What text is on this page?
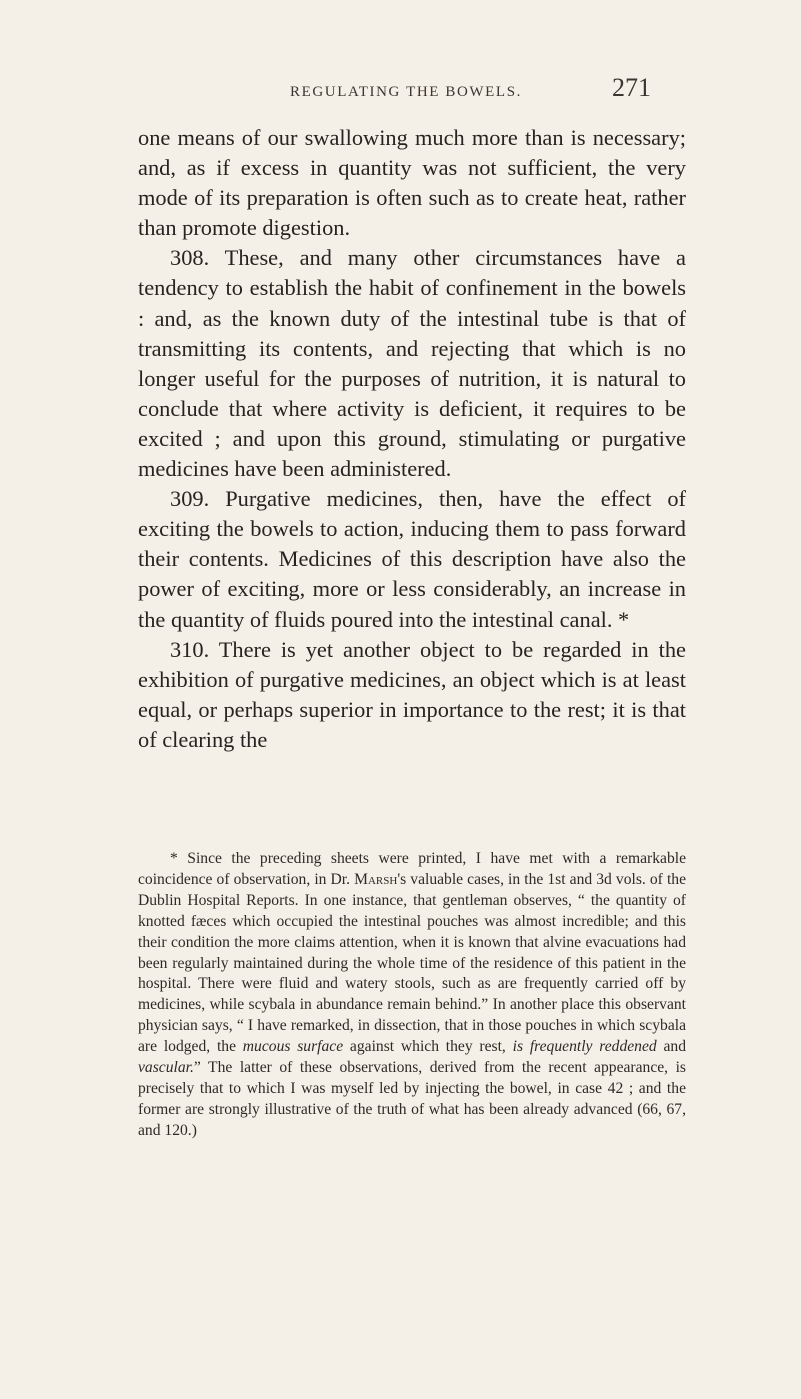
REGULATING THE BOWELS.	271

one means of our swallowing much more than is necessary; and, as if excess in quantity was not sufficient, the very mode of its preparation is often such as to create heat, rather than promote digestion.

308. These, and many other circumstances have a tendency to establish the habit of confinement in the bowels : and, as the known duty of the intestinal tube is that of transmitting its contents, and rejecting that which is no longer useful for the purposes of nutrition, it is natural to conclude that where activity is deficient, it requires to be excited ; and upon this ground, stimulating or purgative medicines have been administered.

309. Purgative medicines, then, have the effect of exciting the bowels to action, inducing them to pass forward their contents. Medicines of this description have also the power of exciting, more or less considerably, an increase in the quantity of fluids poured into the intestinal canal. *

310. There is yet another object to be regarded in the exhibition of purgative medicines, an object which is at least equal, or perhaps superior in importance to the rest; it is that of clearing the

* Since the preceding sheets were printed, I have met with a remarkable coincidence of observation, in Dr. Marsh's valuable cases, in the 1st and 3d vols. of the Dublin Hospital Reports. In one instance, that gentleman observes, “ the quantity of knotted fæces which occupied the intestinal pouches was almost incredible; and this their condition the more claims attention, when it is known that alvine evacuations had been regularly maintained during the whole time of the residence of this patient in the hospital. There were fluid and watery stools, such as are frequently carried off by medicines, while scybala in abundance remain behind.” In another place this observant physician says, “ I have remarked, in dissection, that in those pouches in which scybala are lodged, the mucous surface against which they rest, is frequently reddened and vascular.” The latter of these observations, derived from the recent appearance, is precisely that to which I was myself led by injecting the bowel, in case 42 ; and the former are strongly illustrative of the truth of what has been already advanced (66, 67, and 120.)
